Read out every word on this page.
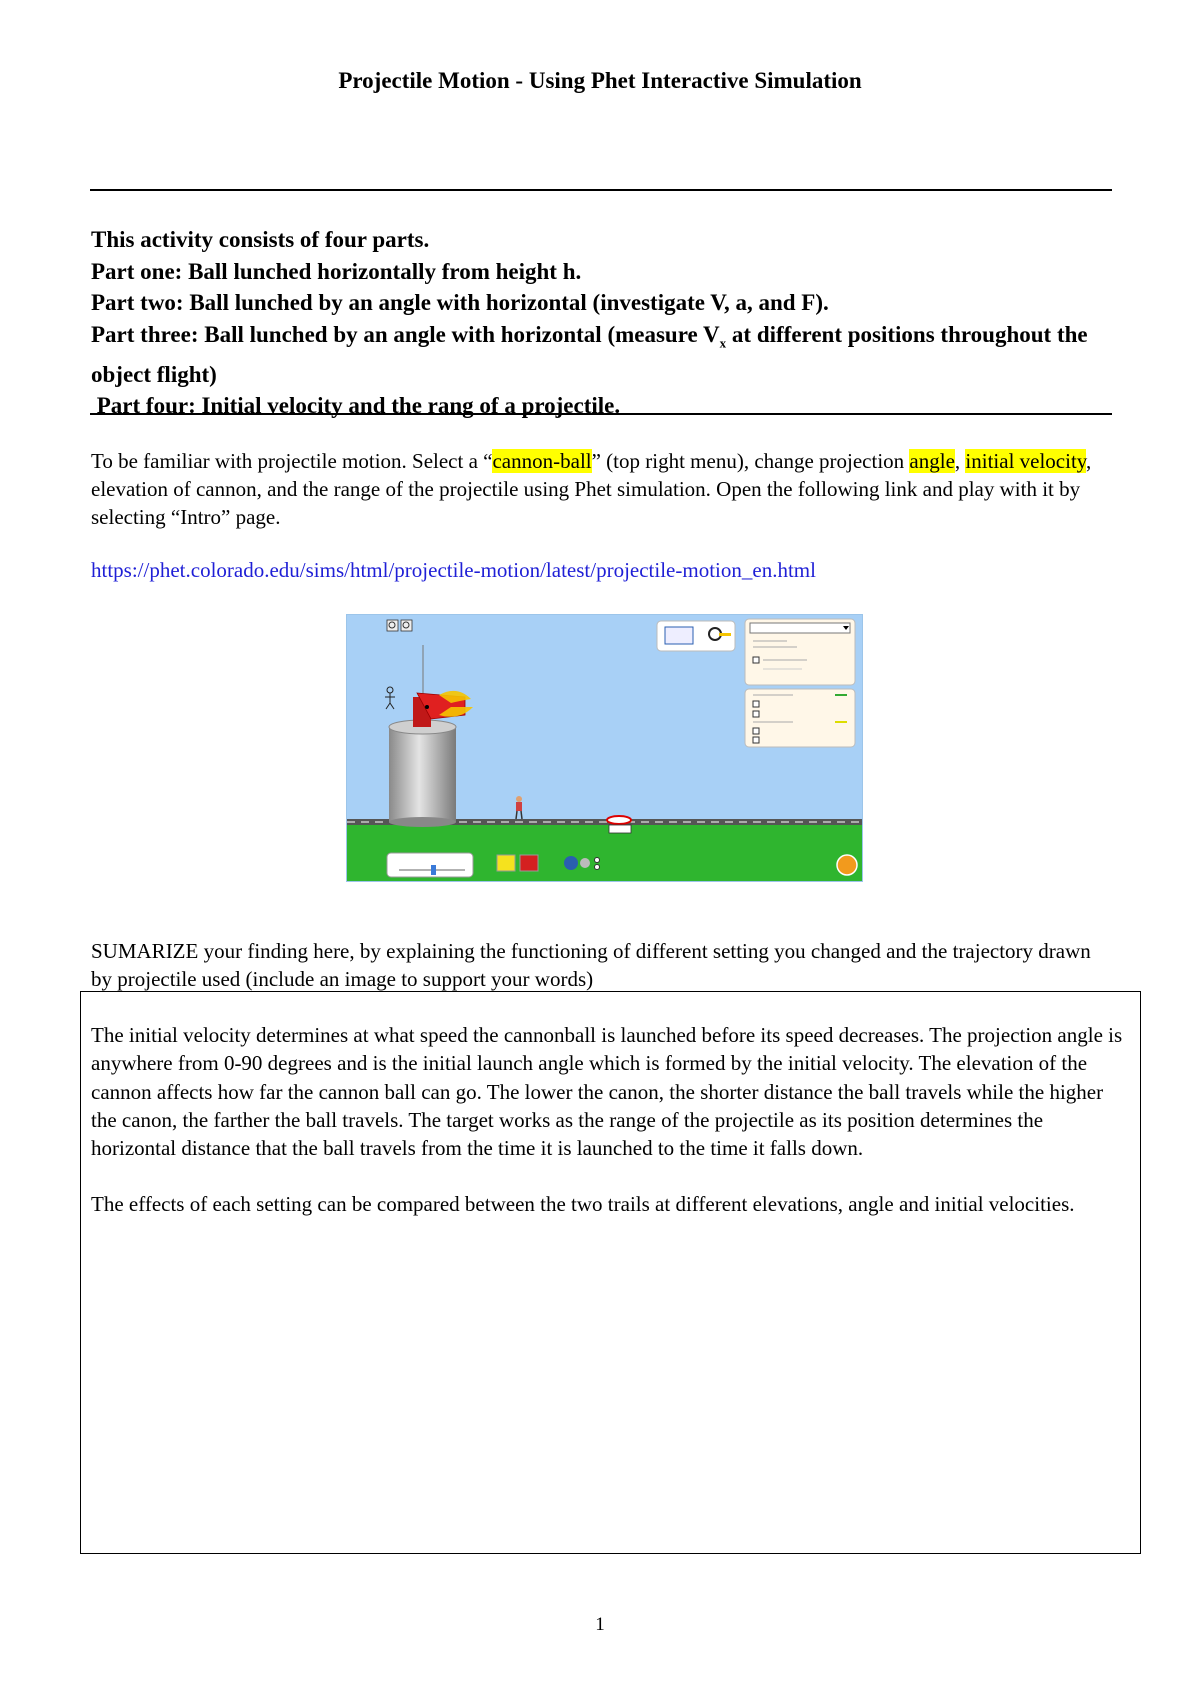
Projectile Motion - Using Phet Interactive Simulation
This activity consists of four parts.
Part one: Ball lunched horizontally from height h.
Part two: Ball lunched by an angle with horizontal (investigate V, a, and F).
Part three: Ball lunched by an angle with horizontal (measure $V_x$ at different positions throughout the object flight)
Part four: Initial velocity and the rang of a projectile.
To be familiar with projectile motion. Select a “cannon-ball” (top right menu), change projection angle, initial velocity, elevation of cannon, and the range of the projectile using Phet simulation. Open the following link and play with it by selecting “Intro” page.
https://phet.colorado.edu/sims/html/projectile-motion/latest/projectile-motion_en.html
SUMARIZE your finding here, by explaining the functioning of different setting you changed and the trajectory drawn by projectile used (include an image to support your words)

The initial velocity determines at what speed the cannonball is launched before its speed decreases. The projection angle is anywhere from 0-90 degrees and is the initial launch angle which is formed by the initial velocity. The elevation of the cannon affects how far the cannon ball can go. The lower the canon, the shorter distance the ball travels while the higher the canon, the farther the ball travels. The target works as the range of the projectile as its position determines the horizontal distance that the ball travels from the time it is launched to the time it falls down.

The effects of each setting can be compared between the two trails at different elevations, angle and initial velocities.

1
